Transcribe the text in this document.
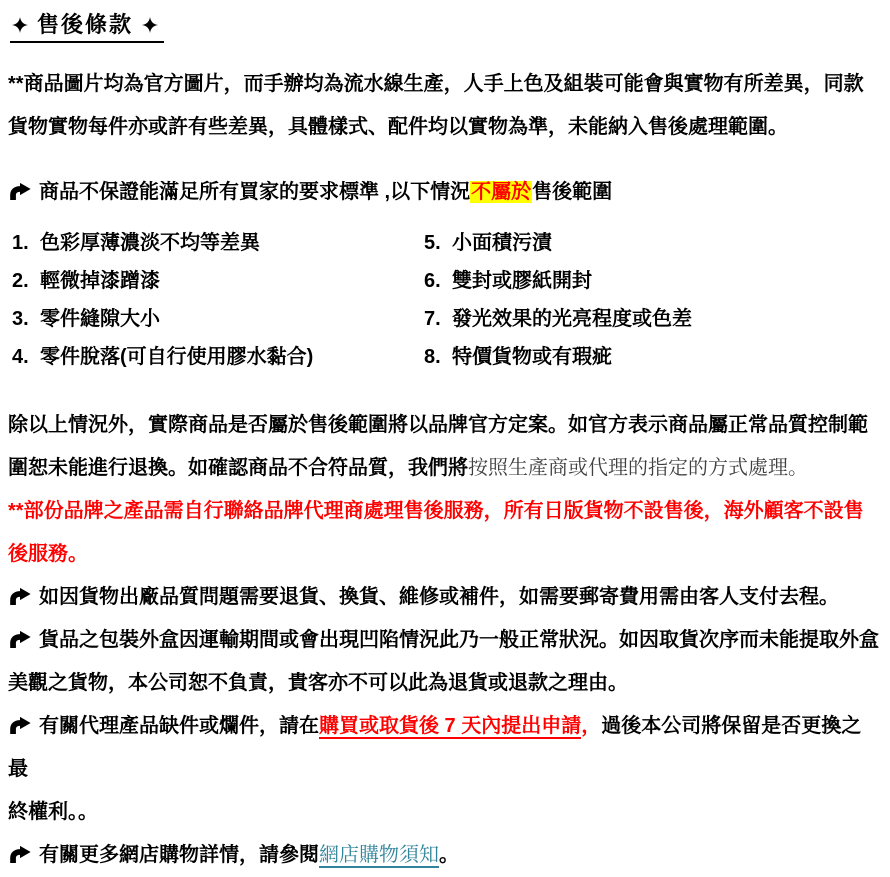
售後條款
**商品圖片均為官方圖片，而手辦均為流水線生產，人手上色及組裝可能會與實物有所差異，同款
貨物實物每件亦或許有些差異，具體樣式、配件均以實物為準，未能納入售後處理範圍。
商品不保證能滿足所有買家的要求標準 ,以下情況不屬於售後範圍
1. 色彩厚薄濃淡不均等差異
2. 輕微掉漆蹭漆
3. 零件縫隙大小
4. 零件脫落(可自行使用膠水黏合)
5. 小面積污漬
6. 雙封或膠紙開封
7. 發光效果的光亮程度或色差
8. 特價貨物或有瑕疵
除以上情況外，實際商品是否屬於售後範圍將以品牌官方定案。如官方表示商品屬正常品質控制範
圍恕未能進行退換。如確認商品不合符品質，我們將按照生產商或代理的指定的方式處理。
**部份品牌之產品需自行聯絡品牌代理商處理售後服務，所有日版貨物不設售後，海外顧客不設售
後服務。
如因貨物出廠品質問題需要退貨、換貨、維修或補件，如需要郵寄費用需由客人支付去程。
貨品之包裝外盒因運輸期間或會出現凹陷情況此乃一般正常狀況。如因取貨次序而未能提取外盒
美觀之貨物，本公司恕不負責，貴客亦不可以此為退貨或退款之理由。
有關代理產品缺件或爛件，請在購買或取貨後 7 天內提出申請，過後本公司將保留是否更換之最
終權利。。
有關更多網店購物詳情，請參閱網店購物須知。
